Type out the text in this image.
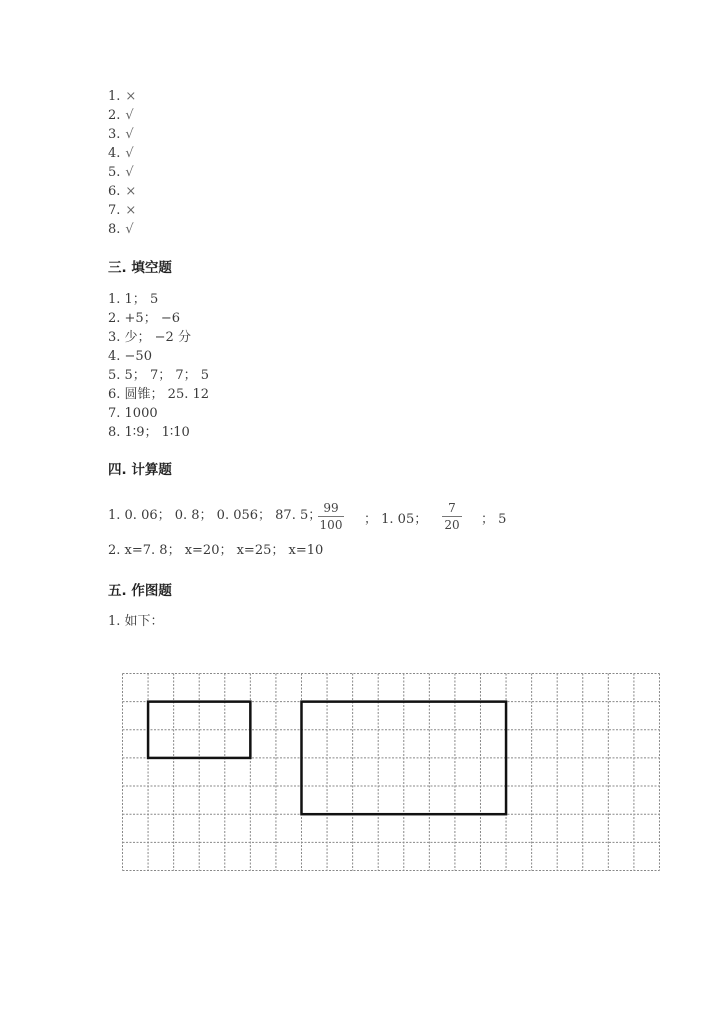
1. ×
2. √
3. √
4. √
5. √
6. ×
7. ×
8. √
三. 填空题
1. 1； 5
2. +5； −6
3. 少； −2 分
4. −50
5. 5； 7； 7； 5
6. 圆锥； 25. 12
7. 1000
8. 1∶9； 1∶10
四. 计算题
1. 0. 06； 0. 8； 0. 056； 87. 5； 99
100 ； 1. 05；
7
20 ； 5
2. x=7. 8； x=20； x=25； x=10
五. 作图题
1. 如下：
